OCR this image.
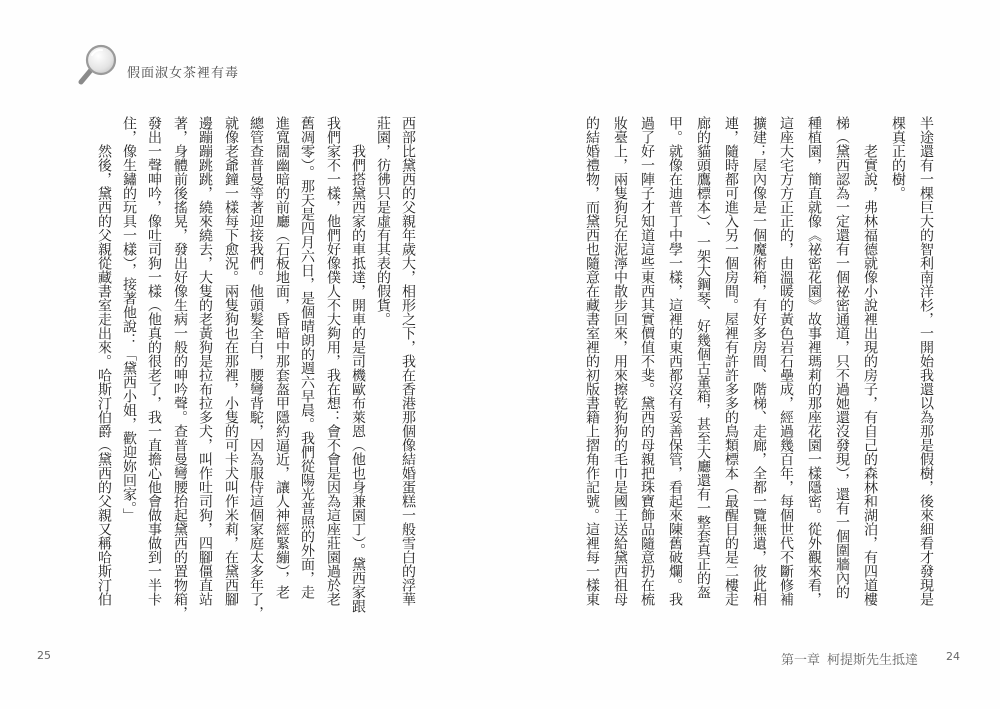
假面淑女 茶裡有毒
西部比黛西的父親年歲大，相形之下，我在香港那個像結婚蛋糕一般雪白的浮華
莊園，彷彿只是虛有其表的假貨。
我們搭黛西家的車抵達，開車的是司機歐布萊恩（他也身兼園丁）。黛西家跟
我們家不一樣，他們好像僕人不大夠用，我在想：會不會是因為這座莊園過於老
舊凋零）。那天是四月六日，是個晴朗的週六早晨。我們從陽光普照的外面，走
進寬闊幽暗的前廳（石板地面，昏暗中那套盔甲隱約逼近，讓人神經緊繃），老
總管查普曼等著迎接我們。他頭髮全白，腰彎背駝，因為服侍這個家庭太多年了，
就像老爺鐘一樣每下愈況。兩隻狗也在那裡，小隻的可卡犬叫作米莉，在黛西腳
邊蹦蹦跳跳，繞來繞去，大隻的老黃狗是拉布拉多犬，叫作吐司狗，四腳僵直站
著，身體前後搖晃，發出好像生病一般的呻吟聲。查普曼彎腰抬起黛西的置物箱，
發出一聲呻吟，像吐司狗一樣（他真的很老了，我一直擔心他會做事做到一半卡
住，像生鏽的玩具一樣），接著他說：「黛西小姐，歡迎妳回家。」
然後，黛西的父親從藏書室走出來。哈斯汀伯爵（黛西的父親又稱哈斯汀伯
25
半途還有一棵巨大的智利南洋杉，一開始我還以為那是假樹，後來細看才發現是
棵真正的樹。
老實說，弗林福德就像小說裡出現的房子，有自己的森林和湖泊，有四道樓
梯（黛西認為一定還有一個祕密通道，只不過她還沒發現），還有一個圍牆內的
種植園，簡直就像《祕密花園》故事裡瑪莉的那座花園一樣隱密。從外觀來看，
這座大宅方方正正的，由溫暖的黃色岩石壘成，經過幾百年，每個世代不斷修補
擴建；屋內像是一個魔術箱，有好多房間、階梯、走廊，全都一覽無遺，彼此相
連，隨時都可進入另一個房間。屋裡有許許多多的鳥類標本（最醒目的是二樓走
廊的貓頭鷹標本）、一架大鋼琴、好幾個古董箱，甚至大廳還有一整套真正的盔
甲。就像在迪普丁中學一樣，這裡的東西都沒有妥善保管，看起來陳舊破爛。我
過了好一陣子才知道這些東西其實價值不斐。黛西的母親把珠寶飾品隨意扔在梳
妝臺上，兩隻狗兒在泥濘中散步回來，用來擦乾狗狗的毛巾是國王送給黛西祖母
的結婚禮物，而黛西也隨意在藏書室裡的初版書籍上摺角作記號。這裡每一樣東
第一章 柯提斯先生抵達	24
